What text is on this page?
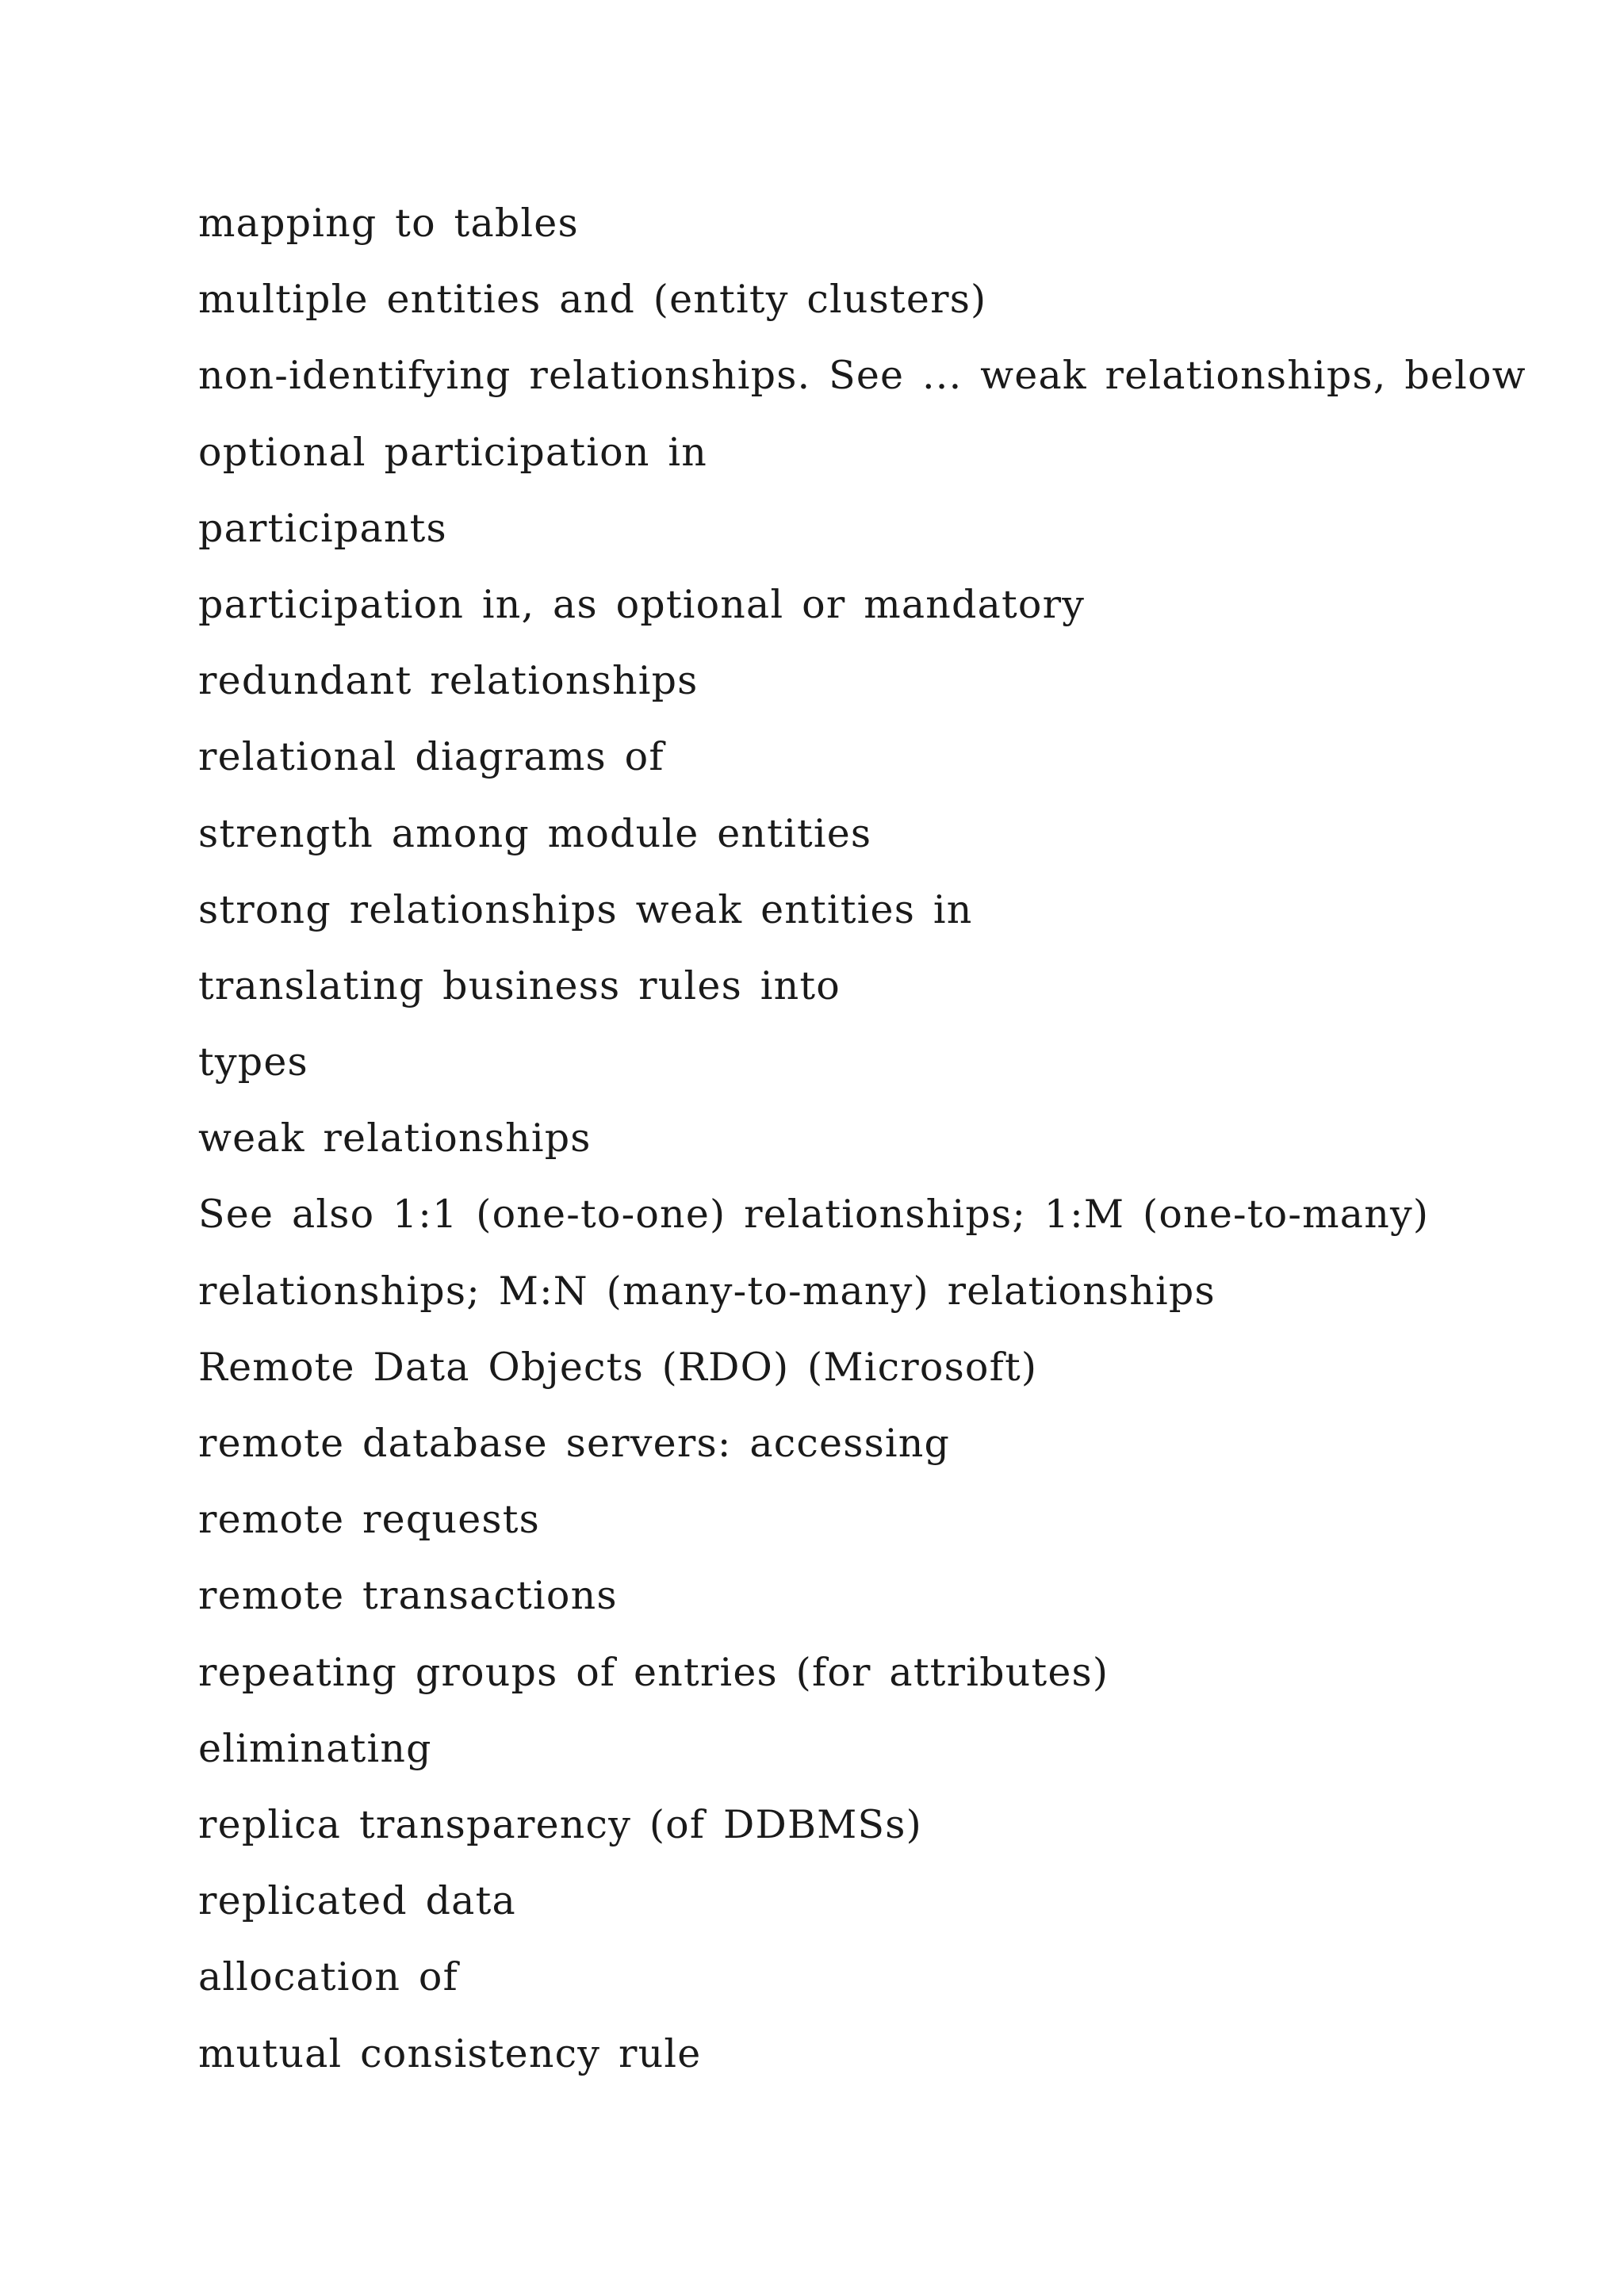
mapping to tables
multiple entities and (entity clusters)
non-identifying relationships. See ... weak relationships, below
optional participation in
participants
participation in, as optional or mandatory
redundant relationships
relational diagrams of
strength among module entities
strong relationships weak entities in
translating business rules into
types
weak relationships
See also 1:1 (one-to-one) relationships; 1:M (one-to-many)
relationships; M:N (many-to-many) relationships
Remote Data Objects (RDO) (Microsoft)
remote database servers: accessing
remote requests
remote transactions
repeating groups of entries (for attributes)
eliminating
replica transparency (of DDBMSs)
replicated data
allocation of
mutual consistency rule
